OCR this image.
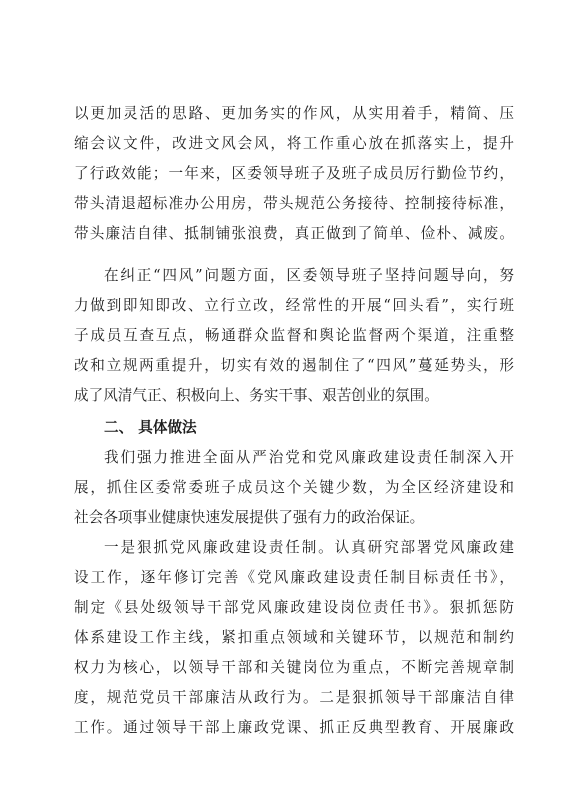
以更加灵活的思路、更加务实的作风，从实用着手，精简、压
缩会议文件，改进文风会风，将工作重心放在抓落实上，提升
了行政效能；一年来，区委领导班子及班子成员厉行勤俭节约，
带头清退超标准办公用房，带头规范公务接待、控制接待标准，
带头廉洁自律、抵制铺张浪费，真正做到了简单、俭朴、减废。
在纠正“四风”问题方面，区委领导班子坚持问题导向，努
力做到即知即改、立行立改，经常性的开展“回头看”，实行班
子成员互查互点，畅通群众监督和舆论监督两个渠道，注重整
改和立规两重提升，切实有效的遏制住了“四风”蔓延势头，形
成了风清气正、积极向上、务实干事、艰苦创业的氛围。
二、 具体做法
我们强力推进全面从严治党和党风廉政建设责任制深入开
展，抓住区委常委班子成员这个关键少数，为全区经济建设和
社会各项事业健康快速发展提供了强有力的政治保证。
一是狠抓党风廉政建设责任制。认真研究部署党风廉政建
设工作，逐年修订完善《党风廉政建设责任制目标责任书》，
制定《县处级领导干部党风廉政建设岗位责任书》。狠抓惩防
体系建设工作主线，紧扣重点领域和关键环节，以规范和制约
权力为核心，以领导干部和关键岗位为重点，不断完善规章制
度，规范党员干部廉洁从政行为。二是狠抓领导干部廉洁自律
工作。通过领导干部上廉政党课、抓正反典型教育、开展廉政
